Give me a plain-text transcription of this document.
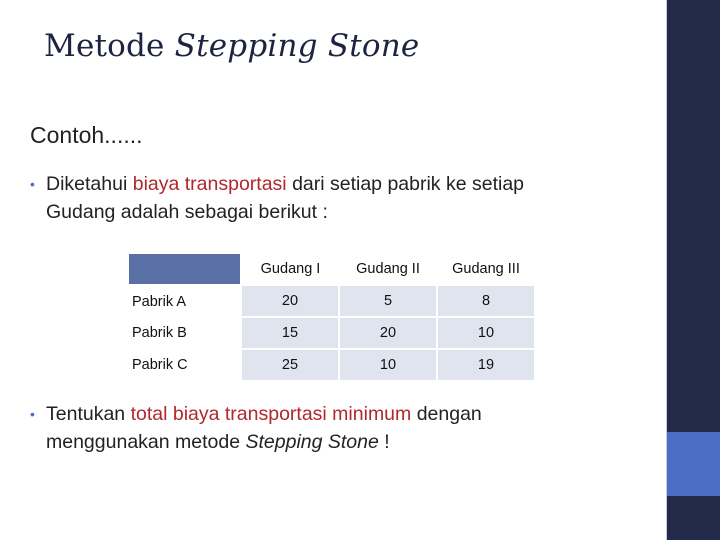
Metode Stepping Stone
Contoh......
• Diketahui biaya transportasi dari setiap pabrik ke setiap
Gudang adalah sebagai berikut :
	Gudang I	Gudang II	Gudang III
Pabrik A	20	5	8
Pabrik B	15	20	10
Pabrik C	25	10	19
• Tentukan total biaya transportasi minimum dengan
menggunakan metode Stepping Stone !
